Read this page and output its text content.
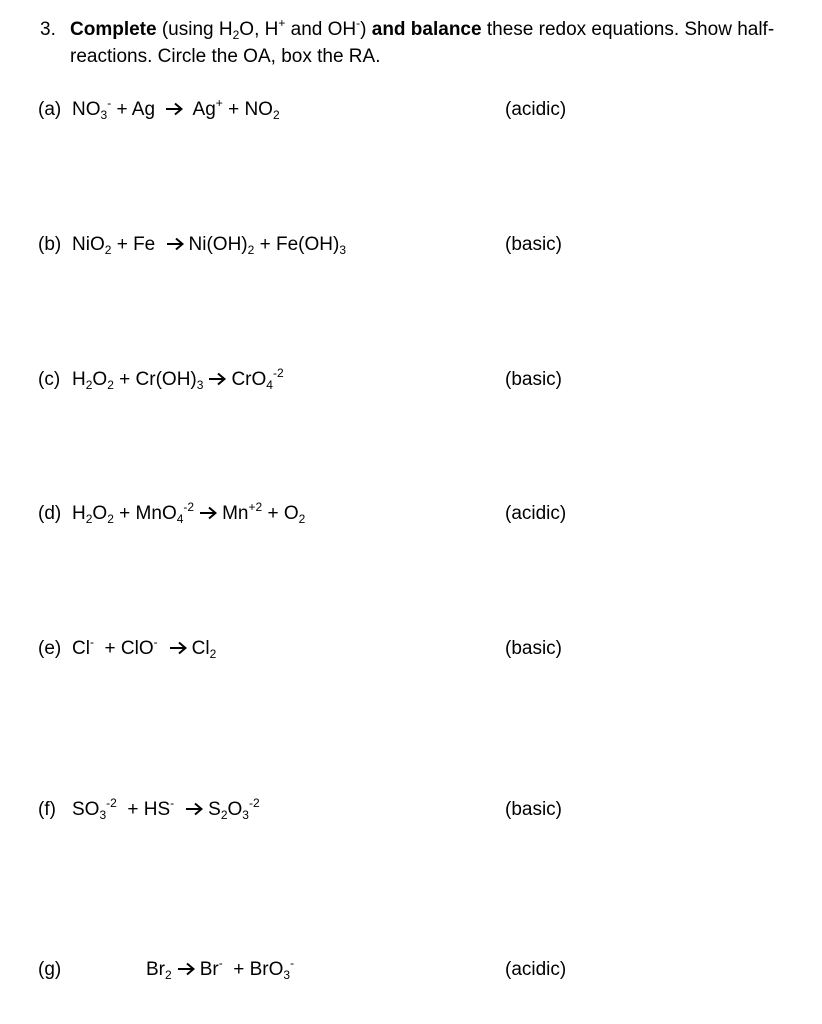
3. Complete (using $H_2O$, H+ and OH-) and balance these redox equations. Show half-reactions. Circle the OA, box the RA.
(a) $NO_3^- + Ag$
$Ag^+ + NO_2$	(acidic)
(b) NiO$_2$ + Fe
$Ni(OH)_2 + Fe(OH)_3$	(basic)
(c) $H_2O_2 + Cr(OH)_3$ CrO$_4^{-2}$	(basic)
(d) $H_2O_2 + MnO_4^{-2}$ $Mn^{+2} + O_2$	(acidic)
(e) Cl-  + ClO- $Cl_2$	(basic)
(f) $SO_3^{-2} + HS^-$ $S_2O_3^{-2}$	(basic)
(g)	$Br_2$ Br-  + BrO$_3$-	(acidic)
